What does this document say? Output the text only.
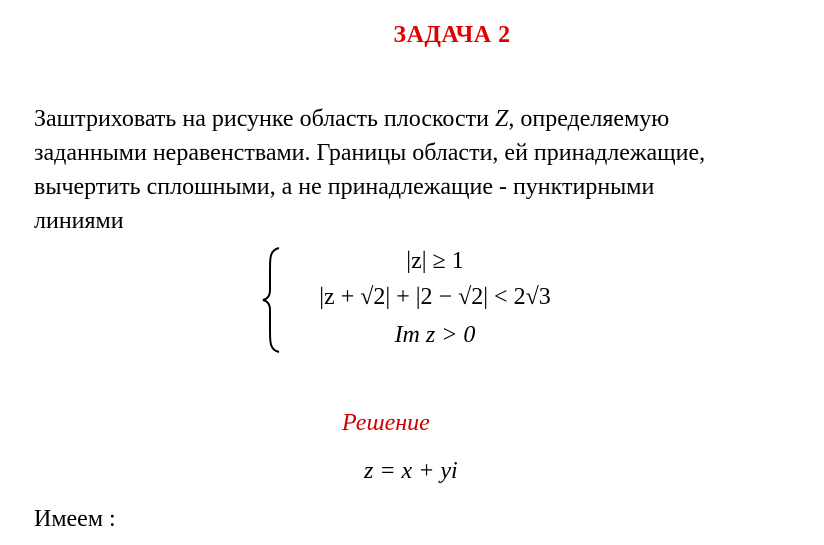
ЗАДАЧА 2
Заштриховать на рисунке область плоскости Z, определяемую
заданными неравенствами. Границы области, ей принадлежащие,
вычертить сплошными, а не принадлежащие - пунктирными
линиями
|z| ≥ 1
|z + √2| + |2 − √2| < 2√3
Im z > 0
Решение
z = x + yi
Имеем :
